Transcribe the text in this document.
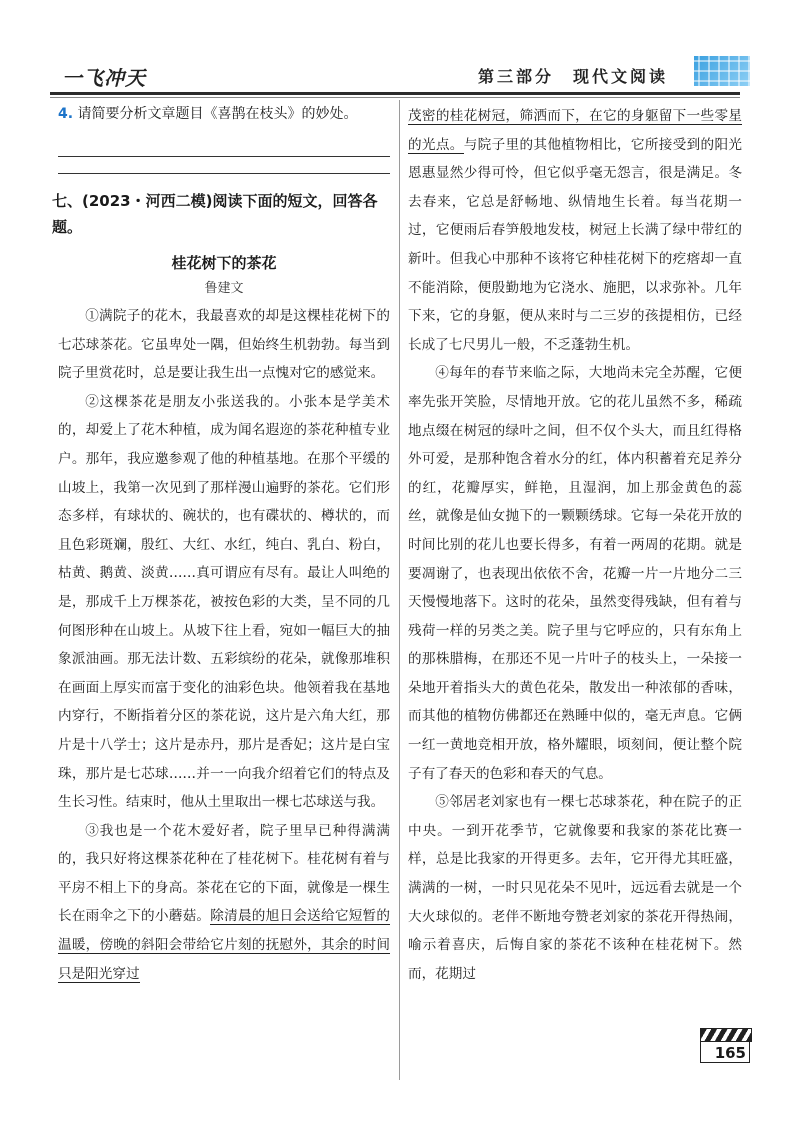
一飞冲天	第三部分　现代文阅读

4. 请简要分析文章题目《喜鹊在枝头》的妙处。

七、(2023・河西二模)阅读下面的短文，回答各题。

桂花树下的茶花

鲁建文

①满院子的花木，我最喜欢的却是这棵桂花树下的七芯球茶花。它虽卑处一隅，但始终生机勃勃。每当到院子里赏花时，总是要让我生出一点愧对它的感觉来。

②这棵茶花是朋友小张送我的。小张本是学美术的，却爱上了花木种植，成为闻名遐迩的茶花种植专业户。那年，我应邀参观了他的种植基地。在那个平缓的山坡上，我第一次见到了那样漫山遍野的茶花。它们形态多样，有球状的、碗状的，也有碟状的、樽状的，而且色彩斑斓，殷红、大红、水红，纯白、乳白、粉白，枯黄、鹅黄、淡黄……真可谓应有尽有。最让人叫绝的是，那成千上万棵茶花，被按色彩的大类，呈不同的几何图形种在山坡上。从坡下往上看，宛如一幅巨大的抽象派油画。那无法计数、五彩缤纷的花朵，就像那堆积在画面上厚实而富于变化的油彩色块。他领着我在基地内穿行，不断指着分区的茶花说，这片是六角大红，那片是十八学士；这片是赤丹，那片是香妃；这片是白宝珠，那片是七芯球……并一一向我介绍着它们的特点及生长习性。结束时，他从土里取出一棵七芯球送与我。

③我也是一个花木爱好者，院子里早已种得满满的，我只好将这棵茶花种在了桂花树下。桂花树有着与平房不相上下的身高。茶花在它的下面，就像是一棵生长在雨伞之下的小蘑菇。除清晨的旭日会送给它短暂的温暖，傍晚的斜阳会带给它片刻的抚慰外，其余的时间只是阳光穿过

茂密的桂花树冠，筛洒而下，在它的身躯留下一些零星的光点。与院子里的其他植物相比，它所接受到的阳光恩惠显然少得可怜，但它似乎毫无怨言，很是满足。冬去春来，它总是舒畅地、纵情地生长着。每当花期一过，它便雨后春笋般地发枝，树冠上长满了绿中带红的新叶。但我心中那种不该将它种桂花树下的疙瘩却一直不能消除，便殷勤地为它浇水、施肥，以求弥补。几年下来，它的身躯，便从来时与二三岁的孩提相仿，已经长成了七尺男儿一般，不乏蓬勃生机。

④每年的春节来临之际，大地尚未完全苏醒，它便率先张开笑脸，尽情地开放。它的花儿虽然不多，稀疏地点缀在树冠的绿叶之间，但不仅个头大，而且红得格外可爱，是那种饱含着水分的红，体内积蓄着充足养分的红，花瓣厚实，鲜艳，且湿润，加上那金黄色的蕊丝，就像是仙女抛下的一颗颗绣球。它每一朵花开放的时间比别的花儿也要长得多，有着一两周的花期。就是要凋谢了，也表现出依依不舍，花瓣一片一片地分二三天慢慢地落下。这时的花朵，虽然变得残缺，但有着与残荷一样的另类之美。院子里与它呼应的，只有东角上的那株腊梅，在那还不见一片叶子的枝头上，一朵接一朵地开着指头大的黄色花朵，散发出一种浓郁的香味，而其他的植物仿佛都还在熟睡中似的，毫无声息。它俩一红一黄地竞相开放，格外耀眼，顷刻间，便让整个院子有了春天的色彩和春天的气息。

⑤邻居老刘家也有一棵七芯球茶花，种在院子的正中央。一到开花季节，它就像要和我家的茶花比赛一样，总是比我家的开得更多。去年，它开得尤其旺盛，满满的一树，一时只见花朵不见叶，远远看去就是一个大火球似的。老伴不断地夸赞老刘家的茶花开得热闹，喻示着喜庆，后悔自家的茶花不该种在桂花树下。然而，花期过

165
